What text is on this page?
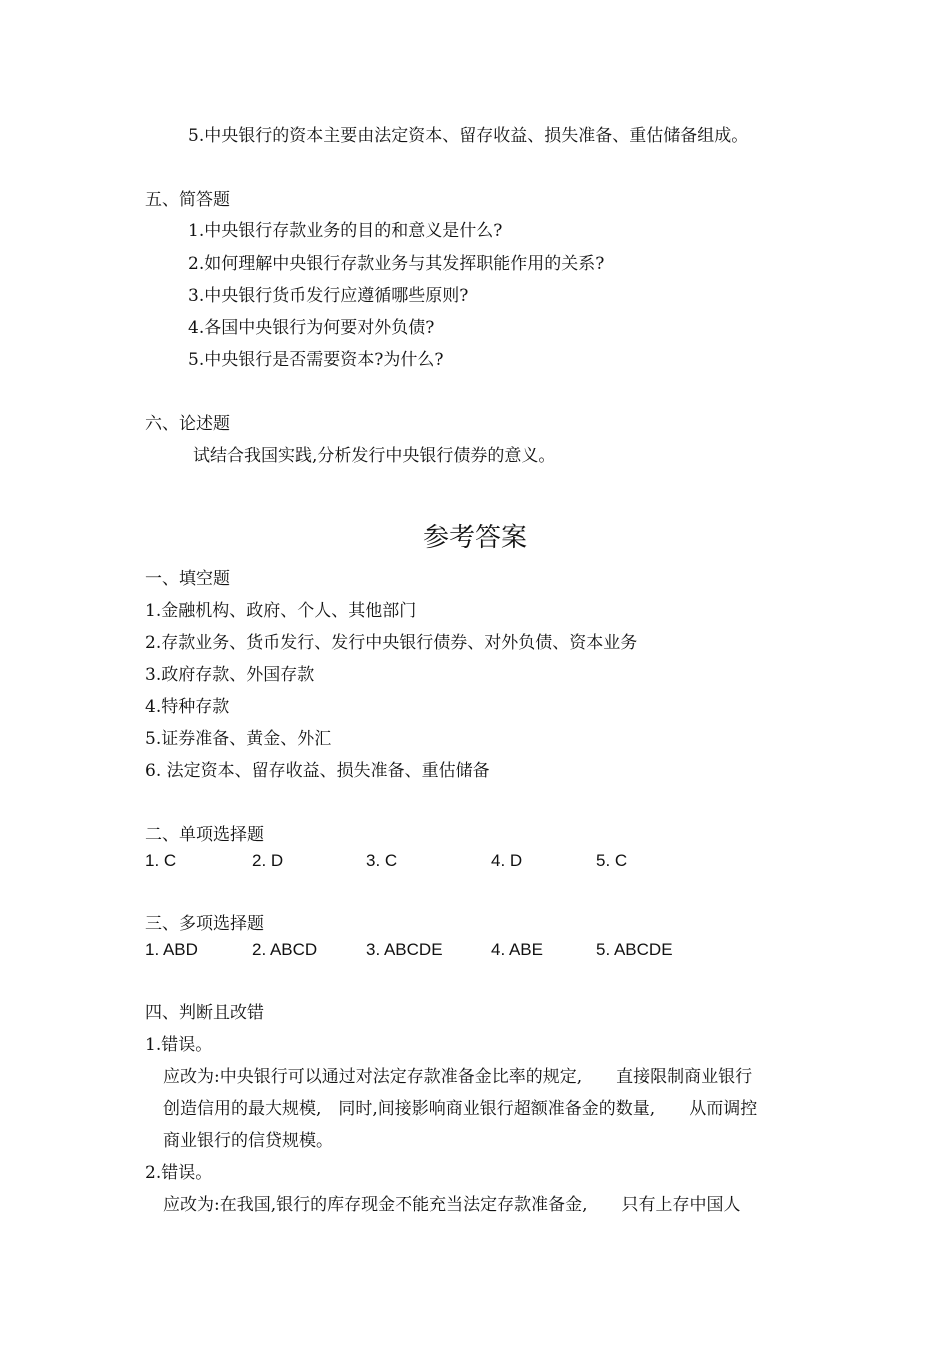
5.中央银行的资本主要由法定资本、留存收益、损失准备、重估储备组成。
五、简答题
1.中央银行存款业务的目的和意义是什么?
2.如何理解中央银行存款业务与其发挥职能作用的关系?
3.中央银行货币发行应遵循哪些原则?
4.各国中央银行为何要对外负债?
5.中央银行是否需要资本?为什么?
六、论述题
试结合我国实践,分析发行中央银行债券的意义。
参考答案
一、填空题
1.金融机构、政府、个人、其他部门
2.存款业务、货币发行、发行中央银行债券、对外负债、资本业务
3.政府存款、外国存款
4.特种存款
5.证券准备、黄金、外汇
6. 法定资本、留存收益、损失准备、重估储备
二、单项选择题
1. C	2. D	3. C	4. D	5. C
三、多项选择题
1. ABD	2. ABCD	3. ABCDE	4. ABE	5. ABCDE
四、判断且改错
1.错误。
应改为:中央银行可以通过对法定存款准备金比率的规定,　　直接限制商业银行
创造信用的最大规模,　同时,间接影响商业银行超额准备金的数量,　　从而调控
商业银行的信贷规模。
2.错误。
应改为:在我国,银行的库存现金不能充当法定存款准备金,　　只有上存中国人
